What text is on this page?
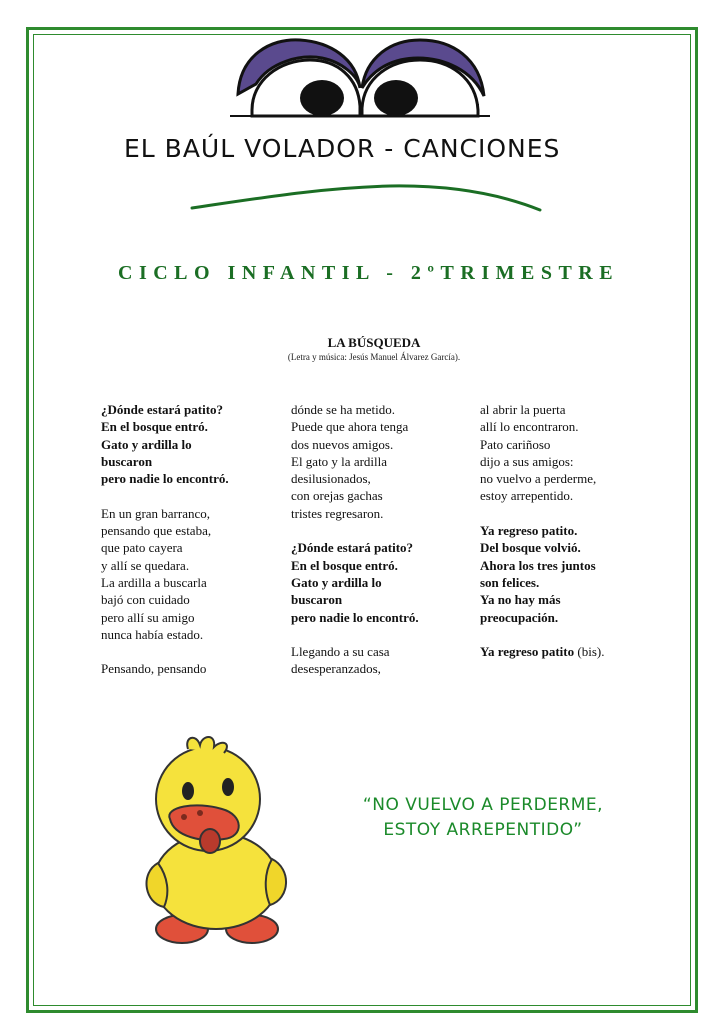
EL BAÚL VOLADOR - CANCIONES
CICLO INFANTIL - 2ºTRIMESTRE
LA BÚSQUEDA
(Letra y música: Jesús Manuel Álvarez García).
¿Dónde estará patito?
En el bosque entró.
Gato y ardilla lo
buscaron
pero nadie lo encontró.
En un gran barranco,
pensando que estaba,
que pato cayera
y allí se quedara.
La ardilla a buscarla
bajó con cuidado
pero allí su amigo
nunca había estado.
Pensando, pensando
dónde se ha metido.
Puede que ahora tenga
dos nuevos amigos.
El gato y la ardilla
desilusionados,
con orejas gachas
tristes regresaron.
¿Dónde estará patito?
En el bosque entró.
Gato y ardilla lo
buscaron
pero nadie lo encontró.
Llegando a su casa
desesperanzados,
al abrir la puerta
allí lo encontraron.
Pato cariñoso
dijo a sus amigos:
no vuelvo a perderme,
estoy arrepentido.
Ya regreso patito.
Del bosque volvió.
Ahora los tres juntos
son felices.
Ya no hay más
preocupación.
Ya regreso patito (bis).
“NO VUELVO A PERDERME,
ESTOY ARREPENTIDO”
